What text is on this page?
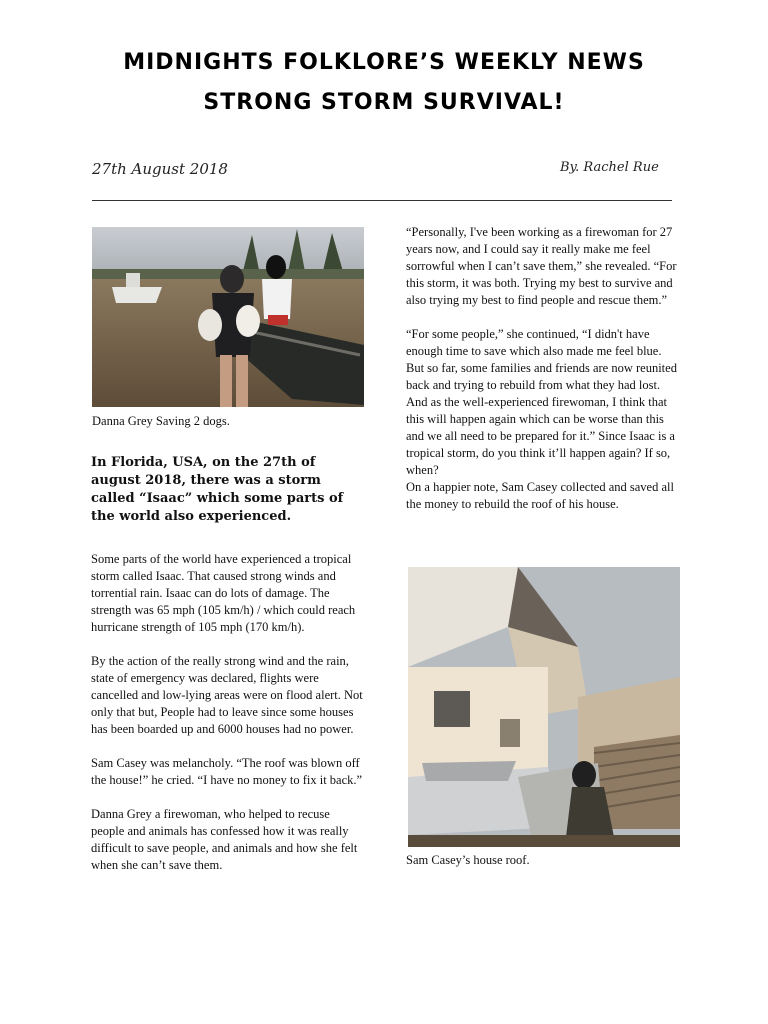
MIDNIGHTS FOLKLORE’S WEEKLY NEWS
STRONG STORM SURVIVAL!
27th August 2018	By. Rachel Rue
Danna Grey Saving 2 dogs.
In Florida, USA, on the 27th of august 2018, there was a storm called “Isaac” which some parts of the world also experienced.

Some parts of the world have experienced a tropical storm called Isaac. That caused strong winds and torrential rain. Isaac can do lots of damage. The strength was 65 mph (105 km/h) / which could reach hurricane strength of 105 mph (170 km/h).

By the action of the really strong wind and the rain, state of emergency was declared, flights were cancelled and low-lying areas were on flood alert. Not only that but, People had to leave since some houses has been boarded up and 6000 houses had no power.

Sam Casey was melancholy. “The roof was blown off the house!” he cried. “I have no money to fix it back.”

Danna Grey a firewoman, who helped to recuse people and animals has confessed how it was really difficult to save people, and animals and how she felt when she can’t save them.

“Personally, I've been working as a firewoman for 27 years now, and I could say it really make me feel sorrowful when I can’t save them,” she revealed. “For this storm, it was both. Trying my best to survive and also trying my best to find people and rescue them.”

“For some people,” she continued, “I didn't have enough time to save which also made me feel blue. But so far, some families and friends are now reunited back and trying to rebuild from what they had lost. And as the well-experienced firewoman, I think that this will happen again which can be worse than this and we all need to be prepared for it.” Since Isaac is a tropical storm, do you think it’ll happen again? If so, when?

On a happier note, Sam Casey collected and saved all the money to rebuild the roof of his house.

Sam Casey’s house roof.
